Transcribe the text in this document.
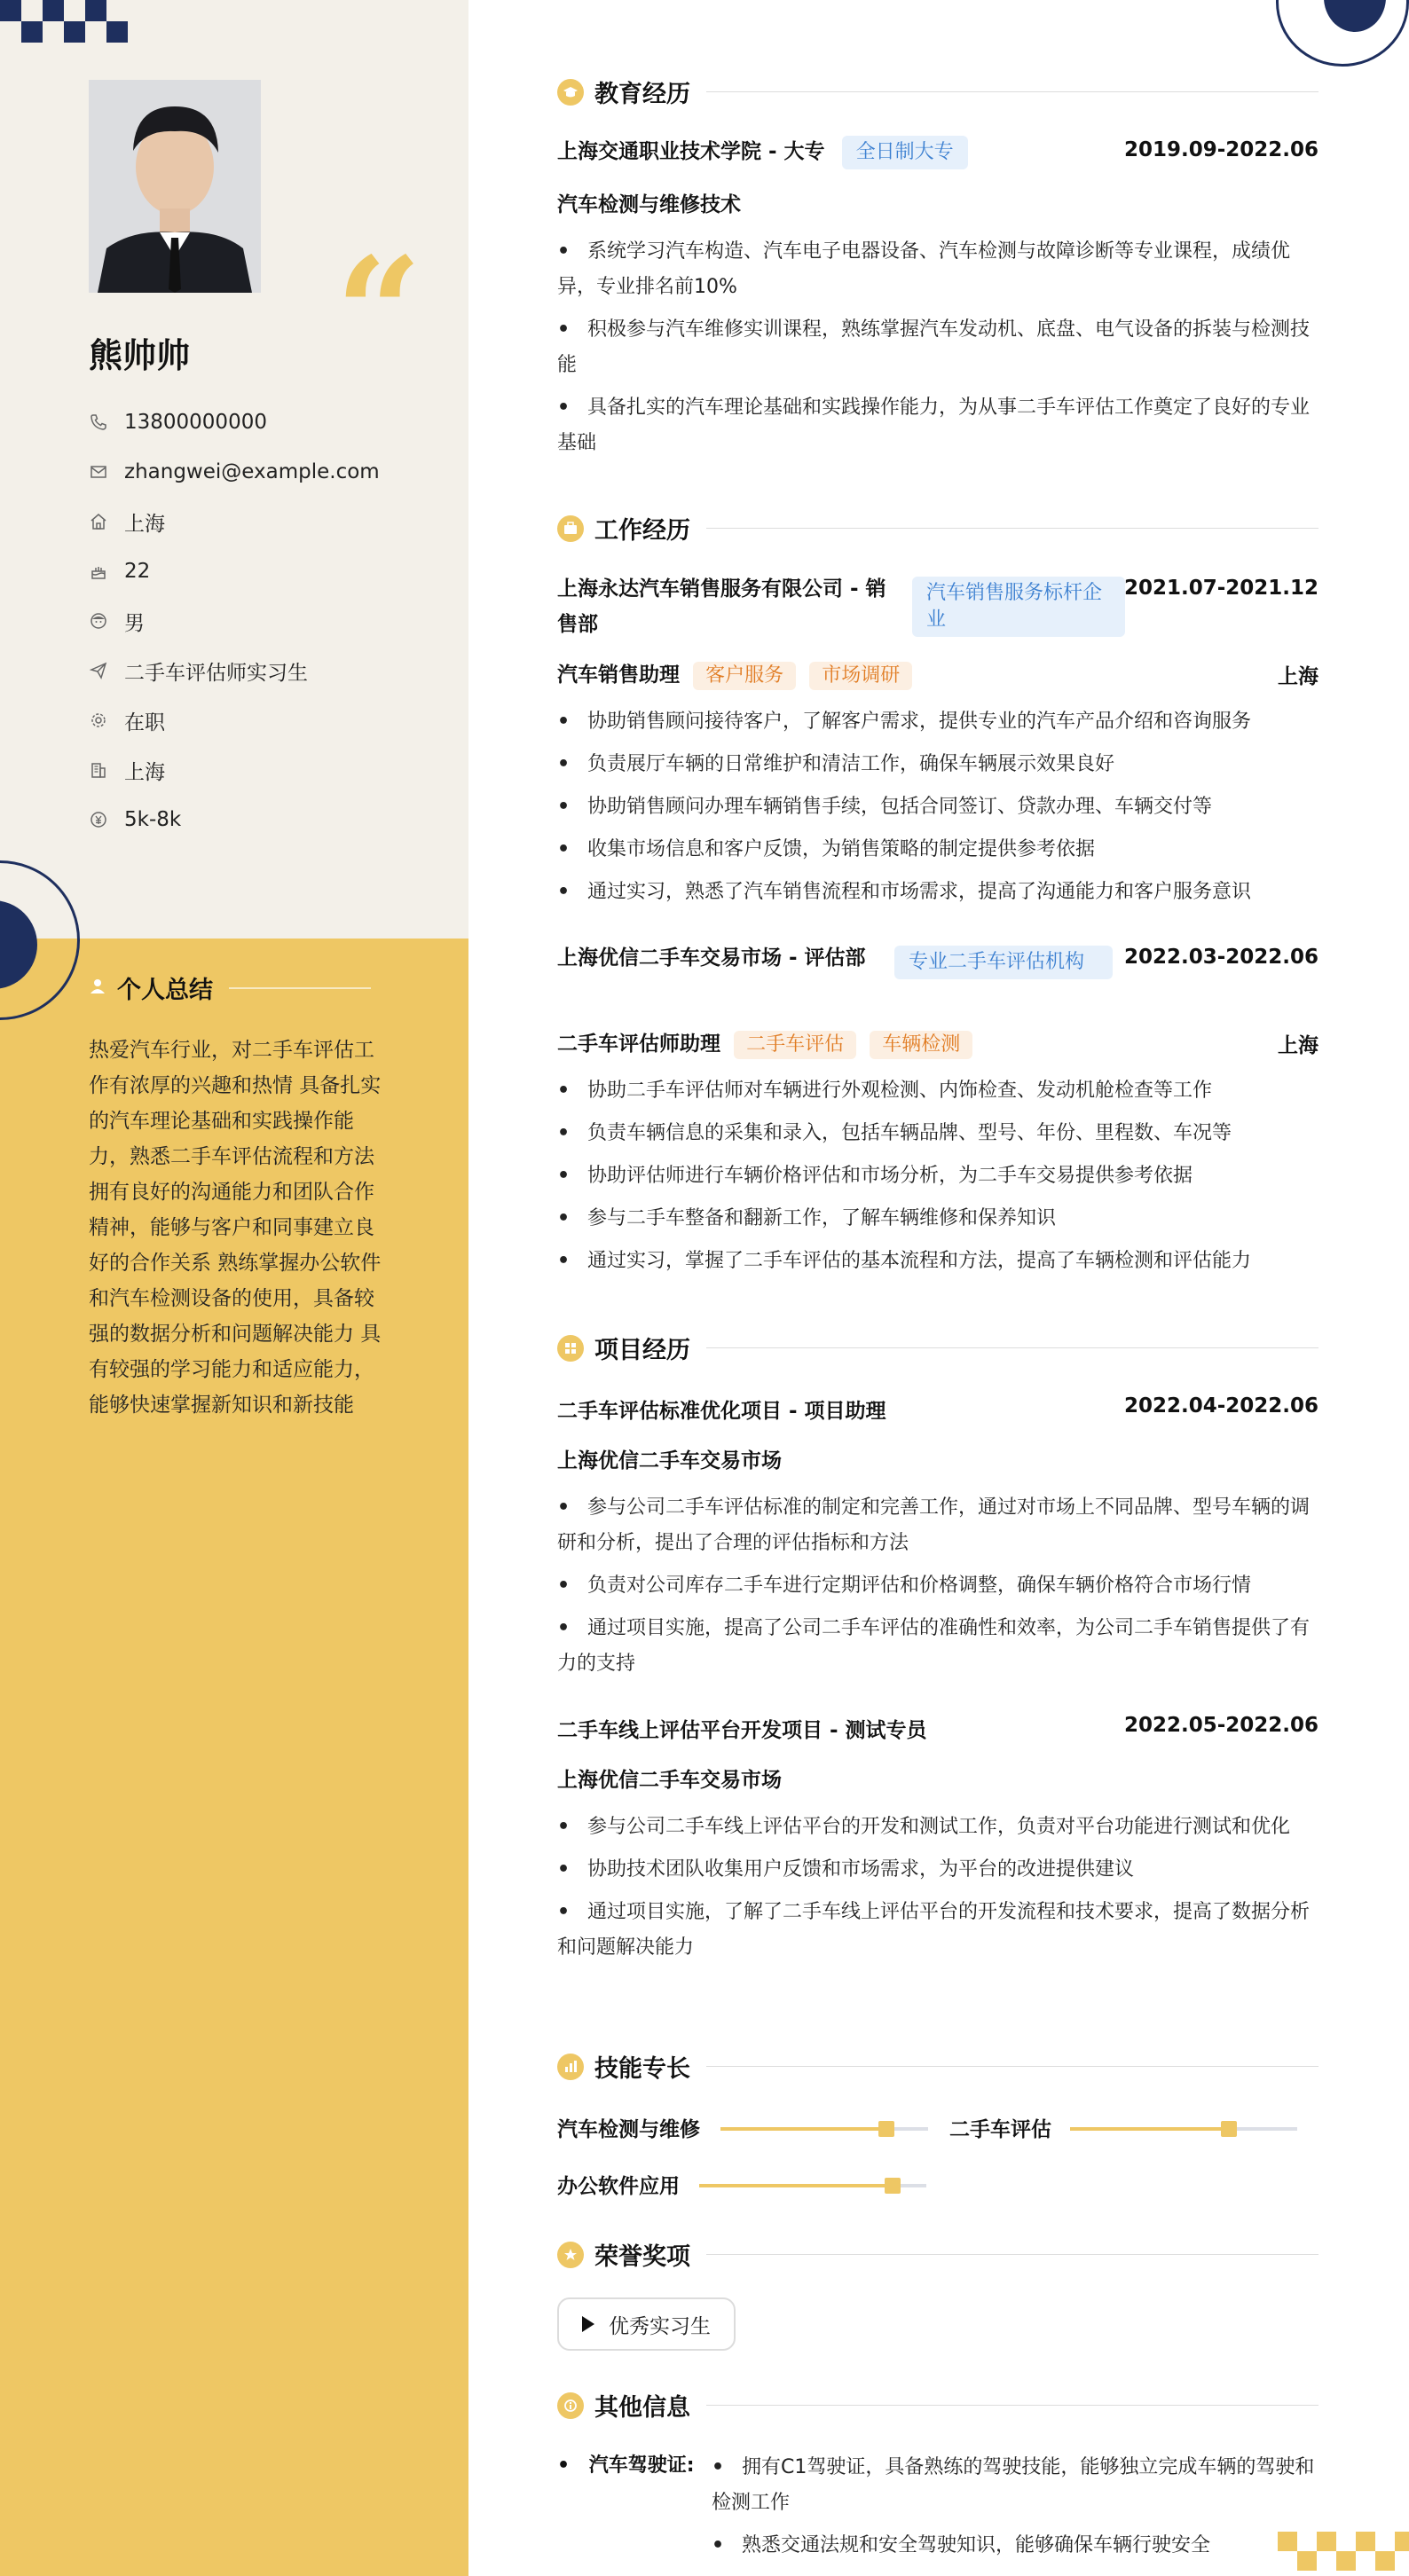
“
熊帅帅
13800000000
zhangwei@example.com
上海
22
男
二手车评估师实习生
在职
上海
5k-8k
个人总结
热爱汽车行业，对二手车评估工作有浓厚的兴趣和热情 具备扎实的汽车理论基础和实践操作能力，熟悉二手车评估流程和方法 拥有良好的沟通能力和团队合作精神，能够与客户和同事建立良好的合作关系 熟练掌握办公软件和汽车检测设备的使用，具备较强的数据分析和问题解决能力 具有较强的学习能力和适应能力，能够快速掌握新知识和新技能
教育经历
上海交通职业技术学院 - 大专 全日制大专	2019.09-2022.06
汽车检测与维修技术
• 系统学习汽车构造、汽车电子电器设备、汽车检测与故障诊断等专业课程，成绩优异，专业排名前10%
• 积极参与汽车维修实训课程，熟练掌握汽车发动机、底盘、电气设备的拆装与检测技能
• 具备扎实的汽车理论基础和实践操作能力，为从事二手车评估工作奠定了良好的专业基础
工作经历
上海永达汽车销售服务有限公司 - 销售部
汽车销售服务标杆企业
2021.07-2021.12
汽车销售助理 客户服务 市场调研	上海
• 协助销售顾问接待客户，了解客户需求，提供专业的汽车产品介绍和咨询服务
• 负责展厅车辆的日常维护和清洁工作，确保车辆展示效果良好
• 协助销售顾问办理车辆销售手续，包括合同签订、贷款办理、车辆交付等
• 收集市场信息和客户反馈，为销售策略的制定提供参考依据
• 通过实习，熟悉了汽车销售流程和市场需求，提高了沟通能力和客户服务意识
上海优信二手车交易市场 - 评估部	专业二手车评估机构	2022.03-2022.06
二手车评估师助理 二手车评估 车辆检测	上海
• 协助二手车评估师对车辆进行外观检测、内饰检查、发动机舱检查等工作
• 负责车辆信息的采集和录入，包括车辆品牌、型号、年份、里程数、车况等
• 协助评估师进行车辆价格评估和市场分析，为二手车交易提供参考依据
• 参与二手车整备和翻新工作，了解车辆维修和保养知识
• 通过实习，掌握了二手车评估的基本流程和方法，提高了车辆检测和评估能力
项目经历
二手车评估标准优化项目 - 项目助理	2022.04-2022.06
上海优信二手车交易市场
• 参与公司二手车评估标准的制定和完善工作，通过对市场上不同品牌、型号车辆的调研和分析，提出了合理的评估指标和方法
• 负责对公司库存二手车进行定期评估和价格调整，确保车辆价格符合市场行情
• 通过项目实施，提高了公司二手车评估的准确性和效率，为公司二手车销售提供了有力的支持
二手车线上评估平台开发项目 - 测试专员	2022.05-2022.06
上海优信二手车交易市场
• 参与公司二手车线上评估平台的开发和测试工作，负责对平台功能进行测试和优化
• 协助技术团队收集用户反馈和市场需求，为平台的改进提供建议
• 通过项目实施，了解了二手车线上评估平台的开发流程和技术要求，提高了数据分析和问题解决能力
技能专长
汽车检测与维修	二手车评估
办公软件应用
荣誉奖项
优秀实习生
其他信息
• 汽车驾驶证:
•	拥有C1驾驶证，具备熟练的驾驶技能，能够独立完成车辆的驾驶和检测工作
• 熟悉交通法规和安全驾驶知识，能够确保车辆行驶安全
